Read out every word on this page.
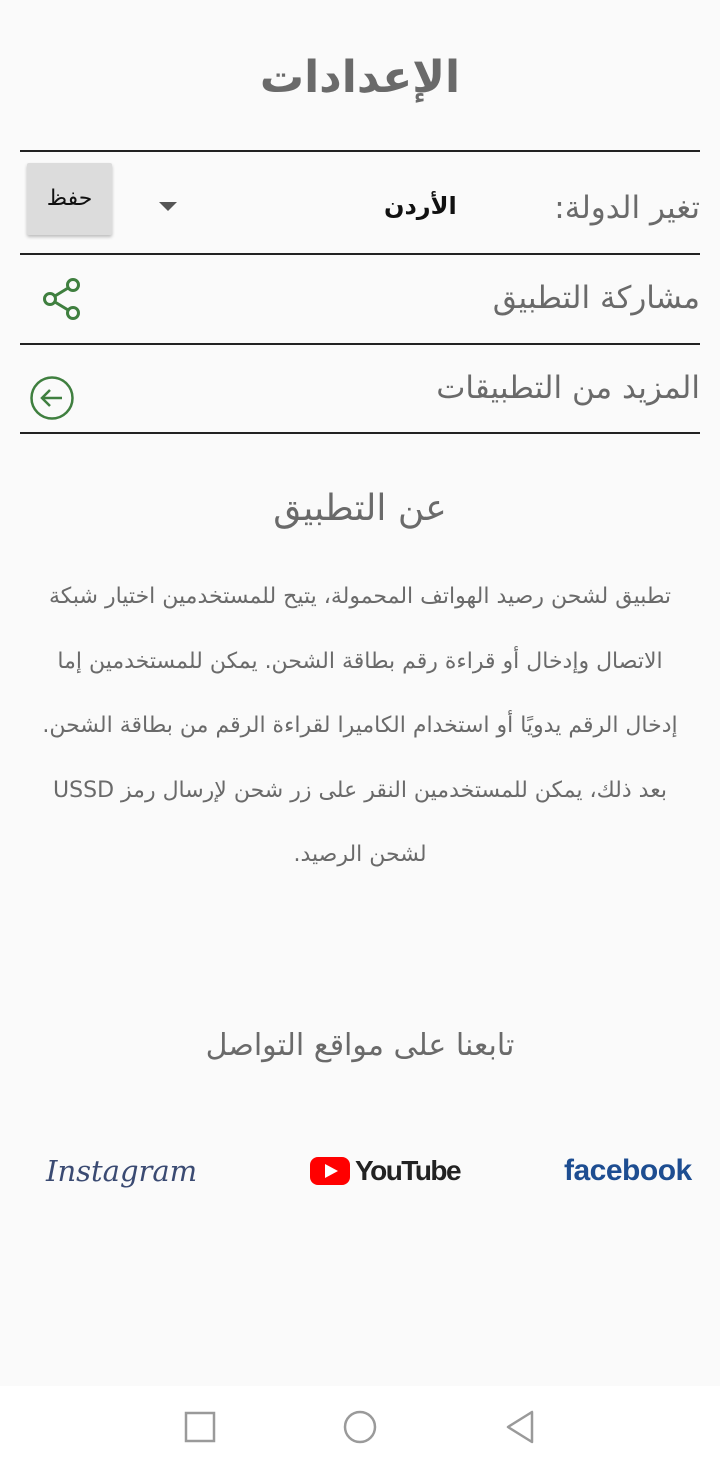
الإعدادات
تغير الدولة:
الأردن
حفظ
مشاركة التطبيق
المزيد من التطبيقات
عن التطبيق
تطبيق لشحن رصيد الهواتف المحمولة، يتيح للمستخدمين اختيار شبكة الاتصال وإدخال أو قراءة رقم بطاقة الشحن. يمكن للمستخدمين إما إدخال الرقم يدويًا أو استخدام الكاميرا لقراءة الرقم من بطاقة الشحن. بعد ذلك، يمكن للمستخدمين النقر على زر شحن لإرسال رمز USSD لشحن الرصيد.
تابعنا على مواقع التواصل
Instagram	YouTube	facebook
